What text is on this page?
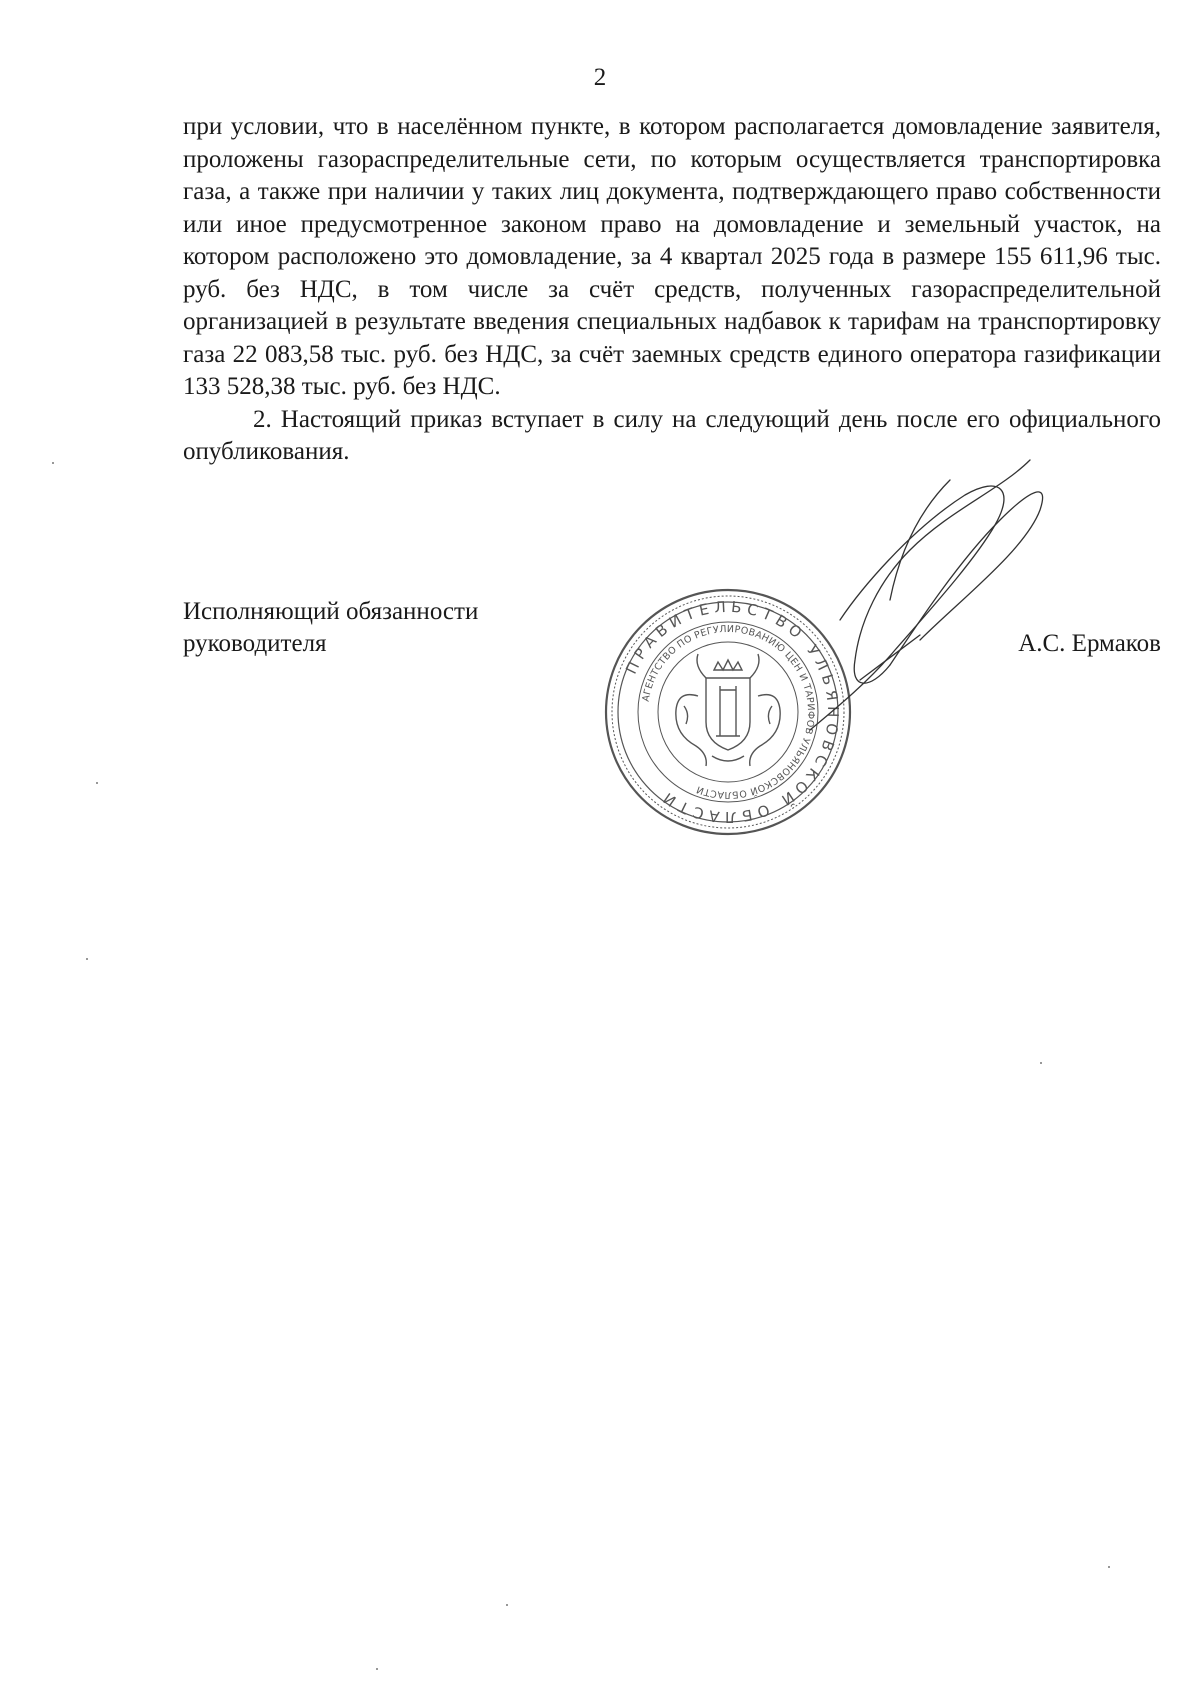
2

при условии, что в населённом пункте, в котором располагается домовладение заявителя, проложены газораспределительные сети, по которым осуществляется транспортировка газа, а также при наличии у таких лиц документа, подтверждающего право собственности или иное предусмотренное законом право на домовладение и земельный участок, на котором расположено это домовладение, за 4 квартал 2025 года в размере 155 611,96 тыс. руб. без НДС, в том числе за счёт средств, полученных газораспределительной организацией в результате введения специальных надбавок к тарифам на транспортировку газа 22 083,58 тыс. руб. без НДС, за счёт заемных средств единого оператора газификации 133 528,38 тыс. руб. без НДС.

2. Настоящий приказ вступает в силу на следующий день после его официального опубликования.

ПРАВИТЕЛЬСТВО УЛЬЯНОВСКОЙ ОБЛАСТИ
АГЕНТСТВО ПО РЕГУЛИРОВАНИЮ ЦЕН И ТАРИФОВ УЛЬЯНОВСКОЙ ОБЛАСТИ
Исполняющий обязанности
руководителя	А.С. Ермаков
